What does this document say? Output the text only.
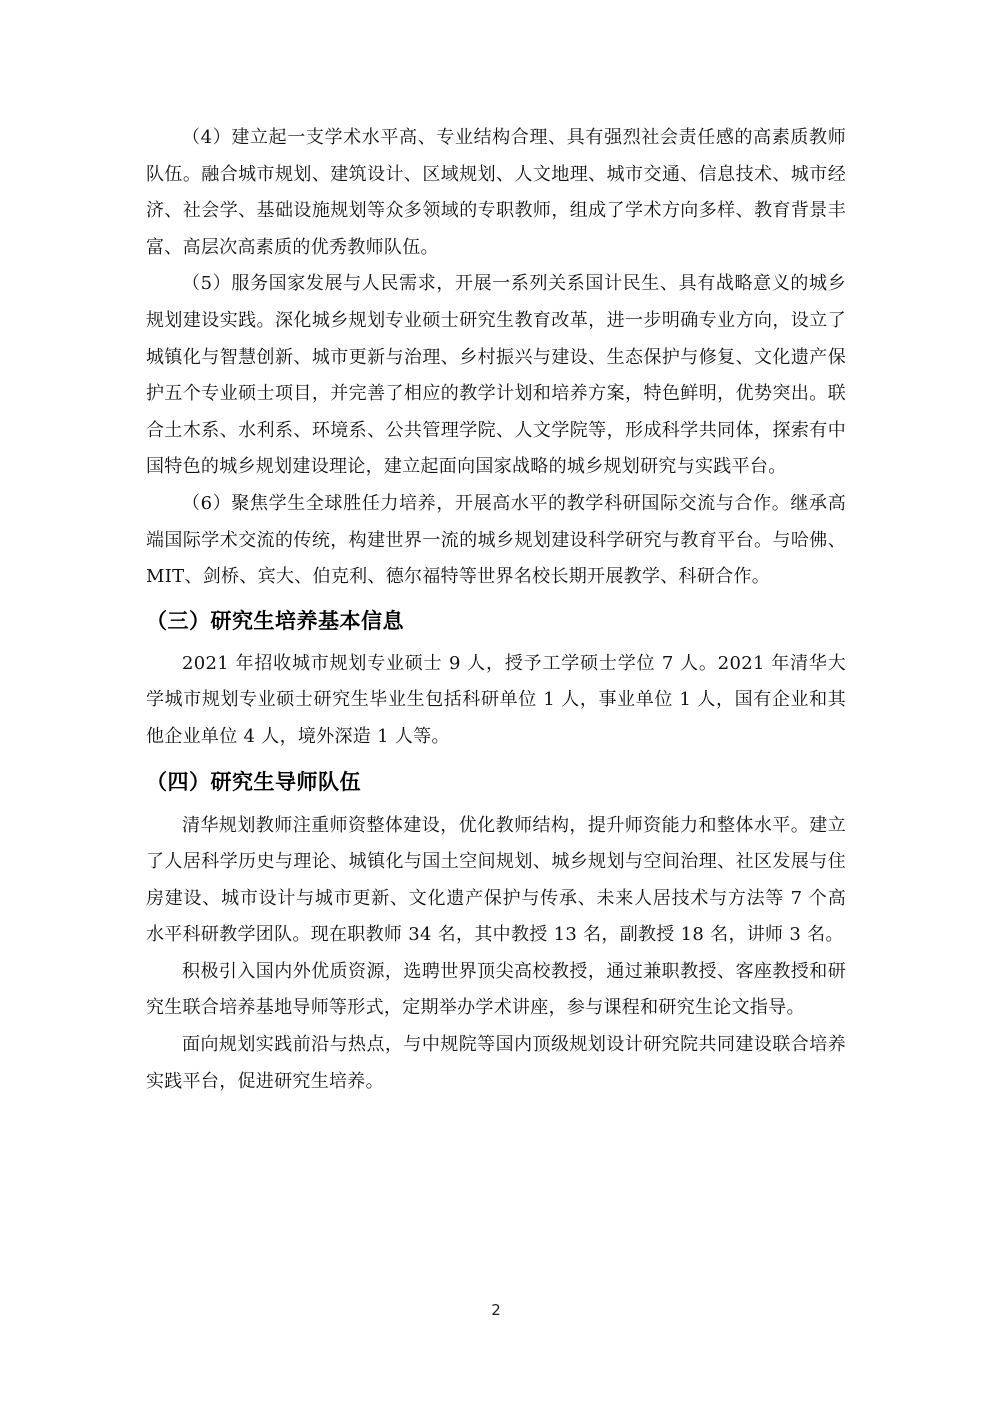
（4）建立起一支学术水平高、专业结构合理、具有强烈社会责任感的高素质教师队伍。融合城市规划、建筑设计、区域规划、人文地理、城市交通、信息技术、城市经济、社会学、基础设施规划等众多领域的专职教师，组成了学术方向多样、教育背景丰富、高层次高素质的优秀教师队伍。

（5）服务国家发展与人民需求，开展一系列关系国计民生、具有战略意义的城乡规划建设实践。深化城乡规划专业硕士研究生教育改革，进一步明确专业方向，设立了城镇化与智慧创新、城市更新与治理、乡村振兴与建设、生态保护与修复、文化遗产保护五个专业硕士项目，并完善了相应的教学计划和培养方案，特色鲜明，优势突出。联合土木系、水利系、环境系、公共管理学院、人文学院等，形成科学共同体，探索有中国特色的城乡规划建设理论，建立起面向国家战略的城乡规划研究与实践平台。

（6）聚焦学生全球胜任力培养，开展高水平的教学科研国际交流与合作。继承高端国际学术交流的传统，构建世界一流的城乡规划建设科学研究与教育平台。与哈佛、MIT、剑桥、宾大、伯克利、德尔福特等世界名校长期开展教学、科研合作。

（三）研究生培养基本信息

2021 年招收城市规划专业硕士 9 人，授予工学硕士学位 7 人。2021 年清华大学城市规划专业硕士研究生毕业生包括科研单位 1 人，事业单位 1 人，国有企业和其他企业单位 4 人，境外深造 1 人等。

（四）研究生导师队伍

清华规划教师注重师资整体建设，优化教师结构，提升师资能力和整体水平。建立了人居科学历史与理论、城镇化与国土空间规划、城乡规划与空间治理、社区发展与住房建设、城市设计与城市更新、文化遗产保护与传承、未来人居技术与方法等 7 个高水平科研教学团队。现在职教师 34 名，其中教授 13 名，副教授 18 名，讲师 3 名。

积极引入国内外优质资源，选聘世界顶尖高校教授，通过兼职教授、客座教授和研究生联合培养基地导师等形式，定期举办学术讲座，参与课程和研究生论文指导。

面向规划实践前沿与热点，与中规院等国内顶级规划设计研究院共同建设联合培养实践平台，促进研究生培养。

2
